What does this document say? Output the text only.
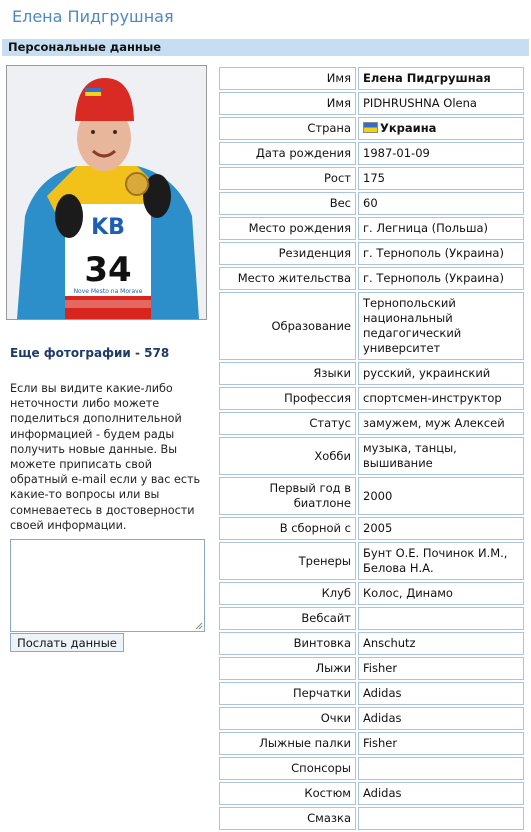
Елена Пидгрушная
Персональные данные
KB
34
Nove Mesto na Morave
Еще фотографии - 578
Если вы видите какие-либо неточности либо можете поделиться дополнительной информацией - будем рады получить новые данные. Вы можете приписать свой обратный e-mail если у вас есть какие-то вопросы или вы сомневаетесь в достоверности своей информации.
Послать данные
Имя	Елена Пидгрушная
Имя	PIDHRUSHNA Olena
Страна	Украина
Дата рождения	1987-01-09
Рост	175
Вес	60
Место рождения	г. Легница (Польша)
Резиденция	г. Тернополь (Украина)
Место жительства	г. Тернополь (Украина)
Образование	Тернопольский национальный педагогический университет
Языки	русский, украинский
Профессия	спортсмен-инструктор
Статус	замужем, муж Алексей
Хобби	музыка, танцы, вышивание
Первый год в биатлоне	2000
В сборной с	2005
Тренеры	Бунт О.Е. Починок И.М., Белова Н.А.
Клуб	Колос, Динамо
Вебсайт	
Винтовка	Anschutz
Лыжи	Fisher
Перчатки	Adidas
Очки	Adidas
Лыжные палки	Fisher
Спонсоры	
Костюм	Adidas
Смазка	
